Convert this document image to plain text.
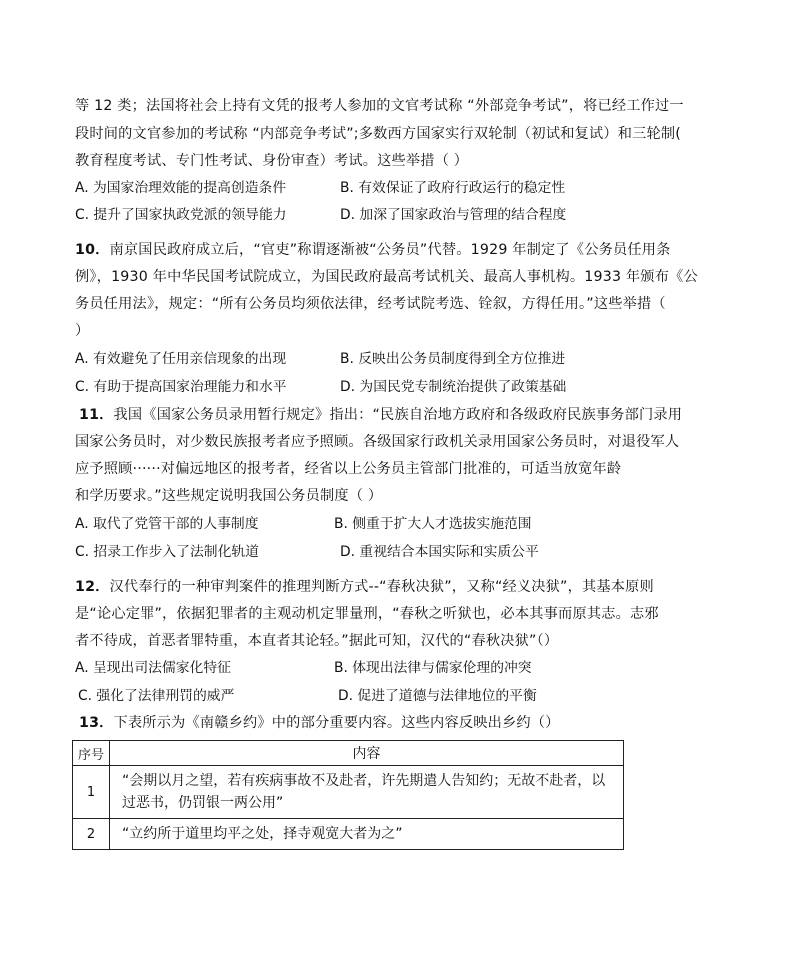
等 12 类；法国将社会上持有文凭的报考人参加的文官考试称 “外部竞争考试”，将已经工作过一
段时间的文官参加的考试称 “内部竞争考试”;多数西方国家实行双轮制（初试和复试）和三轮制(
教育程度考试、专门性考试、身份审查）考试。这些举措（ ）
A. 为国家治理效能的提高创造条件	B. 有效保证了政府行政运行的稳定性
C. 提升了国家执政党派的领导能力	D. 加深了国家政治与管理的结合程度
10．南京国民政府成立后，“官吏”称谓逐渐被“公务员”代替。1929 年制定了《公务员任用条
例》，1930 年中华民国考试院成立，为国民政府最高考试机关、最高人事机构。1933 年颁布《公
务员任用法》，规定：“所有公务员均须依法律，经考试院考选、铨叙，方得任用。”这些举措（
）
A. 有效避免了任用亲信现象的出现	B. 反映出公务员制度得到全方位推进
C. 有助于提高国家治理能力和水平	D. 为国民党专制统治提供了政策基础
11．我国《国家公务员录用暂行规定》指出：“民族自治地方政府和各级政府民族事务部门录用
国家公务员时，对少数民族报考者应予照顾。各级国家行政机关录用国家公务员时，对退役军人
应予照顾······对偏远地区的报考者，经省以上公务员主管部门批准的，可适当放宽年龄
和学历要求。”这些规定说明我国公务员制度（ ）
A. 取代了党管干部的人事制度	B. 侧重于扩大人才选拔实施范围
C. 招录工作步入了法制化轨道	D. 重视结合本国实际和实质公平
12．汉代奉行的一种审判案件的推理判断方式--“春秋决狱”，又称“经义决狱”，其基本原则
是“论心定罪”，依据犯罪者的主观动机定罪量刑，“春秋之听狱也，必本其事而原其志。志邪
者不待成，首恶者罪特重，本直者其论轻。”据此可知，汉代的“春秋决狱”（）
A. 呈现出司法儒家化特征	B. 体现出法律与儒家伦理的冲突
C. 强化了法律刑罚的威严	D. 促进了道德与法律地位的平衡
13．下表所示为《南赣乡约》中的部分重要内容。这些内容反映出乡约（）
序号	内容
1	“会期以月之望，若有疾病事故不及赴者，许先期遣人告知约；无故不赴者，以
过恶书，仍罚银一两公用”

2	“立约所于道里均平之处，择寺观宽大者为之”
